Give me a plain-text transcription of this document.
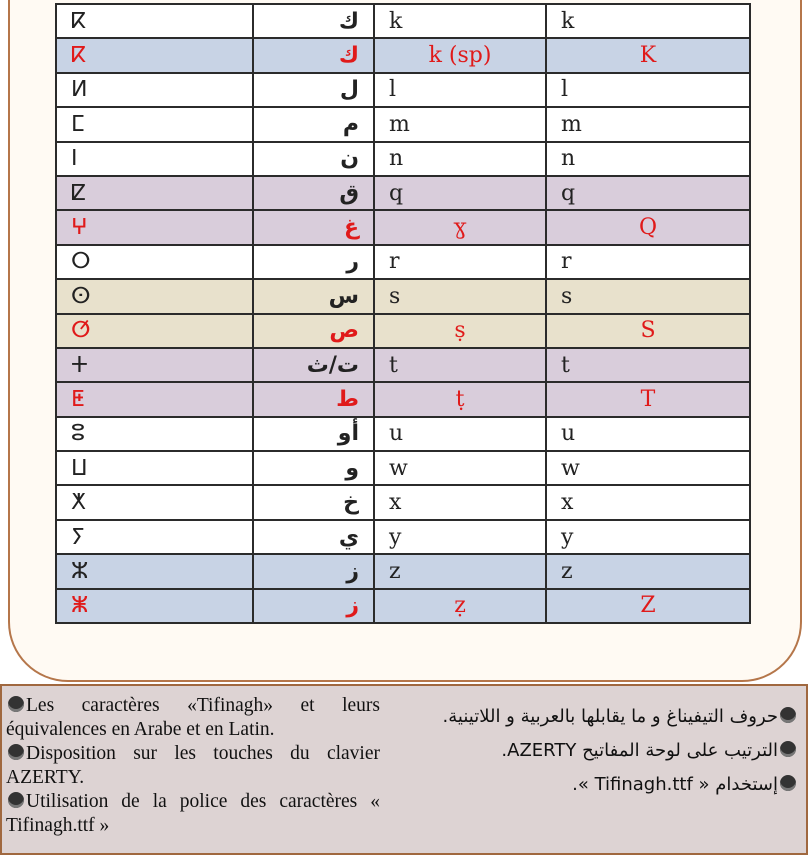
ⴽ	ك	k	k
ⴽ	ك	k (sp)	K
ⵍ	ل	l	l
ⵎ	م	m	m
ⵏ	ن	n	n
ⵇ	ق	q	q
ⵖ	غ	ɣ	Q
ⵔ	ر	r	r
ⵙ	س	s	s
ⵚ	ص	ṣ	S
ⵜ	ت/ث	t	t
ⵟ	ط	ṭ	T
ⵓ	أو	u	u
ⵡ	و	w	w
ⵅ	خ	x	x
ⵢ	ي	y	y
ⵣ	ز	z	z
ⵥ	ز	ẓ	Z

Les caractères «Tifinagh» et leurs équivalences en Arabe et en Latin.

Disposition sur les touches du clavier AZERTY.

Utilisation de la police des caractères « Tifinagh.ttf »

حروف التيفيناغ و ما يقابلها بالعربية و اللاتينية.

الترتيب على لوحة المفاتيح AZERTY.

إستخدام « Tifinagh.ttf ».
